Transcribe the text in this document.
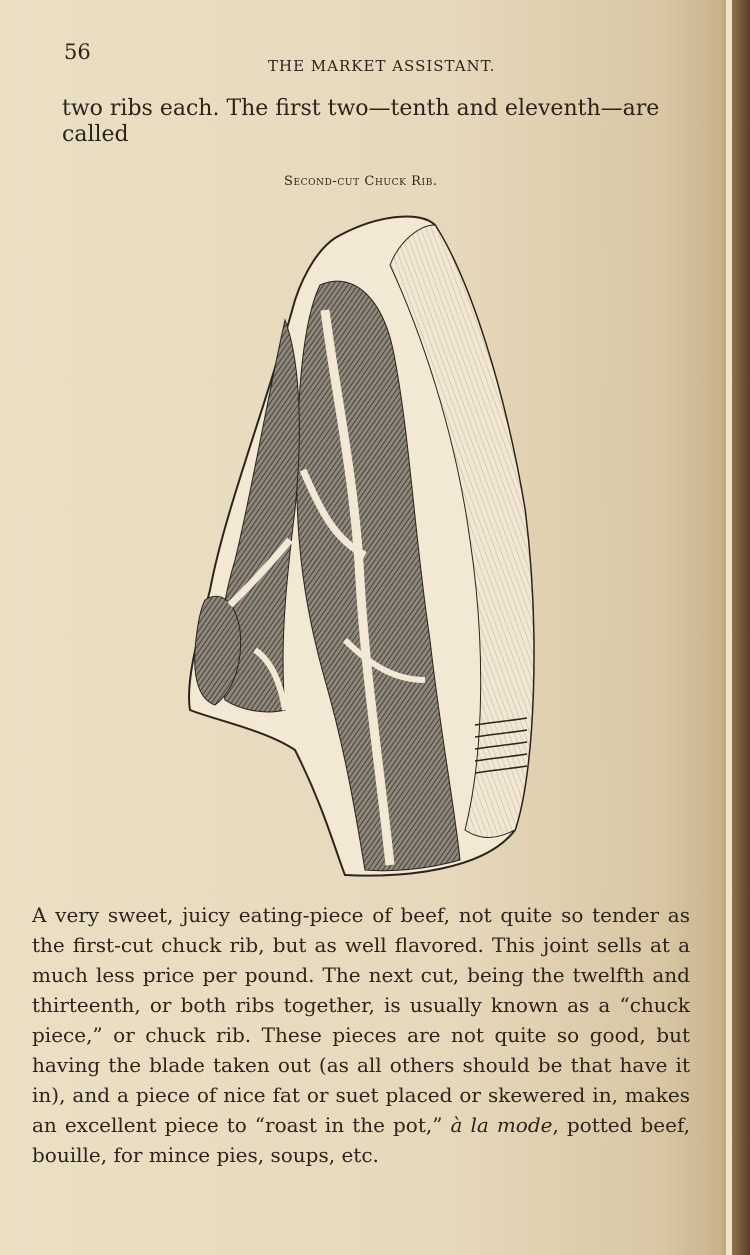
56
THE MARKET ASSISTANT.
two ribs each. The first two—tenth and eleventh—are called
Second-cut Chuck Rib.
A very sweet, juicy eating-piece of beef, not quite so tender as the first-cut chuck rib, but as well flavored. This joint sells at a much less price per pound. The next cut, being the twelfth and thirteenth, or both ribs together, is usually known as a “chuck piece,” or chuck rib. These pieces are not quite so good, but having the blade taken out (as all others should be that have it in), and a piece of nice fat or suet placed or skewered in, makes an excellent piece to “roast in the pot,” à la mode, potted beef, bouille, for mince pies, soups, etc.
